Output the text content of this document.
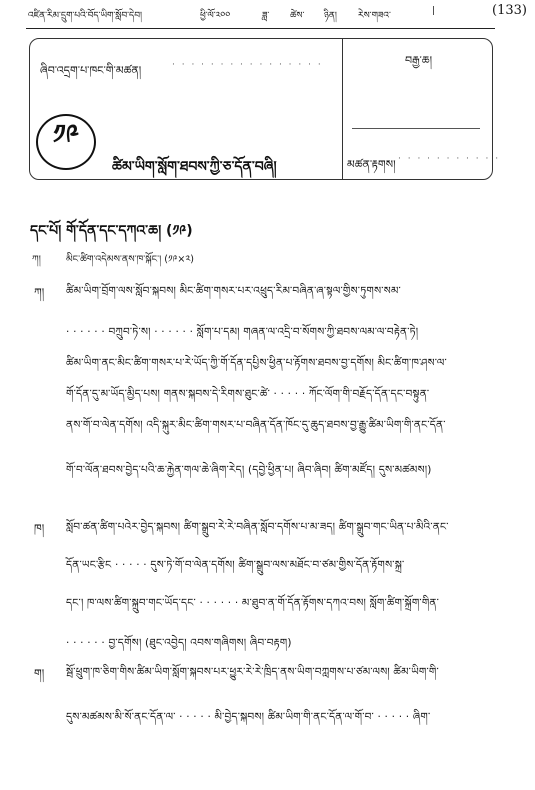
འཛིན་རིམ་དྲུག་པའི་བོད་ཡིག་སློབ་དེབ།	ཕྱི་ལོ་༢༠༠	ཟླ་ ཚེས་ ཉིན། རེས་གཟའ་	|	(133)
ཞིབ་འདྲག་པ་ཁང་གི་མཚན།	· · · · · · · · · · · · · · · ·	བརྒྱ་ཆ།
༡༩
ཚིམ་ཡིག་སློག་ཐབས་ཀྱི་ཅ་དོན་བཞི།	མཚན་རྟགས། · · · · · · · · · · ·
དང་པོ། གོ་དོན་དང་དཀའ་ཆ། (༡༩)
ཀ།	མིང་ཚིག་འདེམས་ནས་ཁ་སྐོང་། (༡༩×༢)
ཀ། ཚིམ་ཡིག་བྲོག་ལས་སློབ་སྐབས། མིང་ཚིག་གསར་པར་འཕྲུད་རིམ་བཞིན་ཞ་སྟལ་གྱིས་ཏུགས་སམ་
· · · · · · བཀྲུབ་ཏེ་ས། · · · · · · སློག་པ་དམ། གཞན་ལ་འདྲི་བ་སོགས་ཀྱི་ཐབས་ལམ་ལ་བརྟེན་ཏེ།
ཚིམ་ཡིག་ནང་མིང་ཚིག་གསར་པ་རེ་ཡོད་ཀྱི་གོ་དོན་དཔྱིས་ཕྱིན་པ་རྟོགས་ཐབས་བྱ་དགོས། མིང་ཚིག་ཁ་ཤས་ལ་
གོ་དོན་དུ་མ་ཡོད་མྱིད་པས། གནས་སྐབས་དེ་རིགས་ཐུང་ཚེ་ · · · · · ཀོང་ལོག་གི་བརྗོད་དོན་དང་བསྟུན་
ནས་གོ་བ་ལེན་དགོས། འདི་སྐུར་མིང་ཚིག་གསར་པ་བཞིན་དོན་ཁོང་དུ་ཆུད་ཐབས་བྱ་རྒྱུ་ཚིམ་ཡིག་གི་ནང་དོན་
གོ་བ་ལོན་ཐབས་བྱེད་པའི་ཆ་རྐྱེན་གལ་ཆེ་ཞིག་རེད། (དབྱེ་ཕྱིན་པ། ཞིབ་ཞིབ། ཚིག་མཛོད། དུས་མཚམས།)
ཁ། སློབ་ཚན་ཚིག་པའེར་བྱེད་སྐབས། ཚིག་སྒྲུབ་རེ་རེ་བཞིན་སློབ་དགོས་པ་མ་ཟད། ཚིག་སྒྲུབ་གང་ཡིན་པ་མིའི་ནང་
དོན་ཡང་རྩིང · · · · · དུས་ཏེ་གོ་བ་ལེན་དགོས། ཚིག་སྒྲུབ་ལས་མཐོང་བ་ཙམ་གྱིས་དོན་རྟོགས་སྐྲ་
དང་། ཁ་ལས་ཚིག་སྐྲུབ་གང་ཡོད་དང་ · · · · · · མ་ཐུབ་ན་གོ་དོན་རྟོགས་དཀའ་བས། སློག་ཚིག་སྐྲོག་གིན་
· · · · · · བྱ་དགོས། (ཐུང་འབྱེད། འབས་གཞིགས། ཞིབ་བརྟག)
ག། སྦོ་ཕྲུག་ཁ་ཅིག་གིས་ཚིམ་ཡིག་སློག་སྐབས་པར་ཕྱུར་རེ་རེ་ཁྲིད་ནས་ཡིག་བཀླགས་པ་ཙམ་ལས། ཚིམ་ཡིག་གི་
དུས་མཚམས་མི་སོ་ནང་དོན་ལ་ · · · · · མི་བྱེད་སྐབས། ཚིམ་ཡིག་གི་ནང་དོན་ལ་གོ་བ་ · · · · · ཞིག་
